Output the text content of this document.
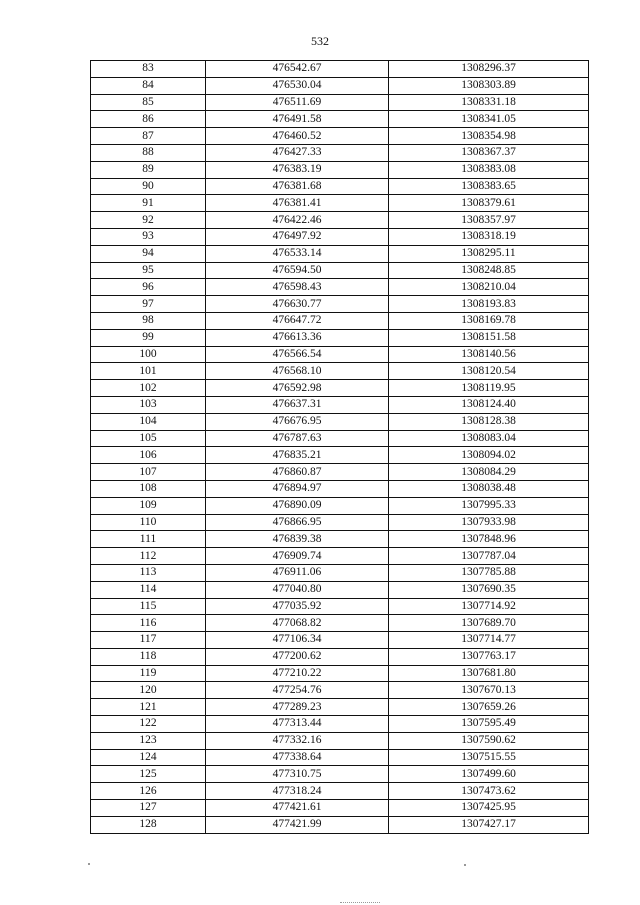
532
83	476542.67	1308296.37
84	476530.04	1308303.89
85	476511.69	1308331.18
86	476491.58	1308341.05
87	476460.52	1308354.98
88	476427.33	1308367.37
89	476383.19	1308383.08
90	476381.68	1308383.65
91	476381.41	1308379.61
92	476422.46	1308357.97
93	476497.92	1308318.19
94	476533.14	1308295.11
95	476594.50	1308248.85
96	476598.43	1308210.04
97	476630.77	1308193.83
98	476647.72	1308169.78
99	476613.36	1308151.58
100	476566.54	1308140.56
101	476568.10	1308120.54
102	476592.98	1308119.95
103	476637.31	1308124.40
104	476676.95	1308128.38
105	476787.63	1308083.04
106	476835.21	1308094.02
107	476860.87	1308084.29
108	476894.97	1308038.48
109	476890.09	1307995.33
110	476866.95	1307933.98
111	476839.38	1307848.96
112	476909.74	1307787.04
113	476911.06	1307785.88
114	477040.80	1307690.35
115	477035.92	1307714.92
116	477068.82	1307689.70
117	477106.34	1307714.77
118	477200.62	1307763.17
119	477210.22	1307681.80
120	477254.76	1307670.13
121	477289.23	1307659.26
122	477313.44	1307595.49
123	477332.16	1307590.62
124	477338.64	1307515.55
125	477310.75	1307499.60
126	477318.24	1307473.62
127	477421.61	1307425.95
128	477421.99	1307427.17
